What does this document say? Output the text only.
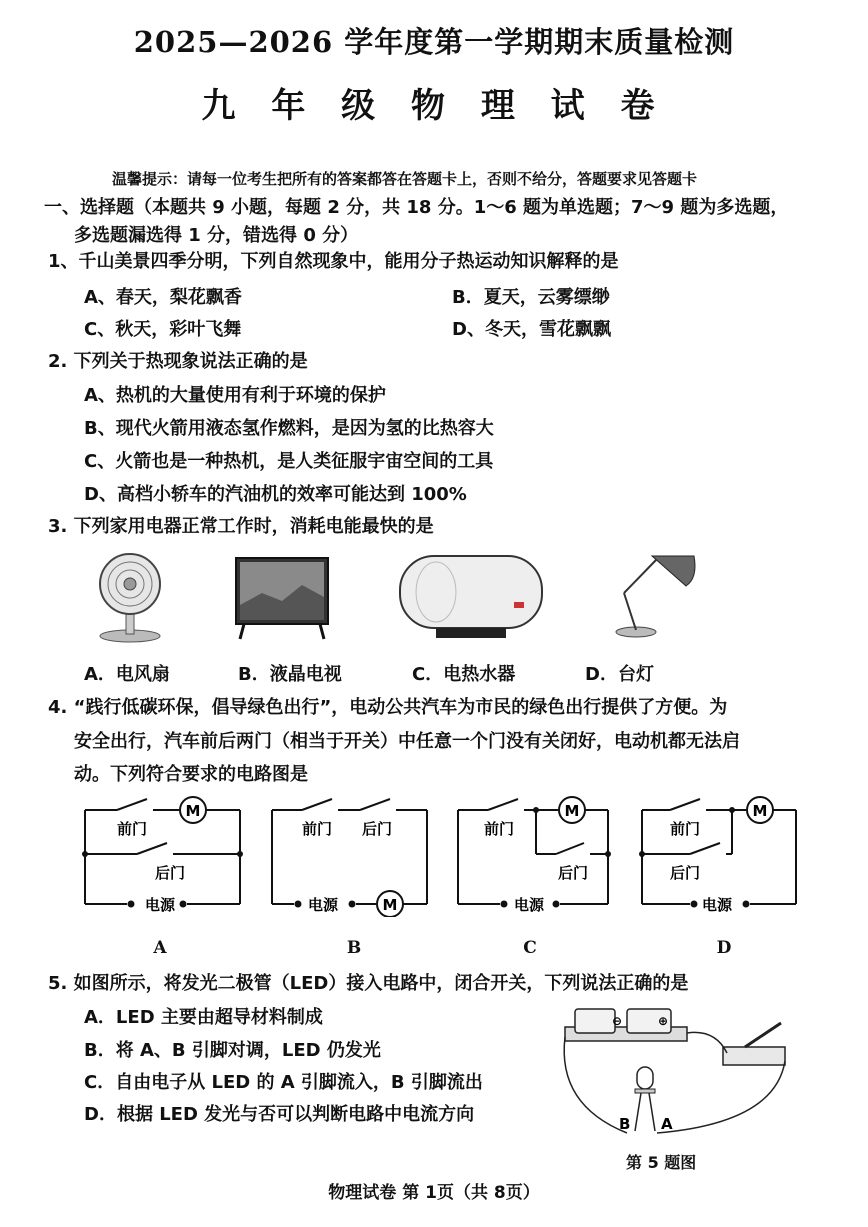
2025—2026 学年度第一学期期末质量检测
九 年 级 物 理 试 卷
温馨提示：请每一位考生把所有的答案都答在答题卡上，否则不给分，答题要求见答题卡
一、选择题（本题共 9 小题，每题 2 分，共 18 分。1～6 题为单选题；7～9 题为多选题，
多选题漏选得 1 分，错选得 0 分）
1、千山美景四季分明，下列自然现象中，能用分子热运动知识解释的是
A、春天，梨花飘香	B．夏天，云雾缥缈
C、秋天，彩叶飞舞	D、冬天，雪花飘飘
2. 下列关于热现象说法正确的是
A、热机的大量使用有利于环境的保护
B、现代火箭用液态氢作燃料，是因为氢的比热容大
C、火箭也是一种热机，是人类征服宇宙空间的工具
D、高档小轿车的汽油机的效率可能达到 100%
3. 下列家用电器正常工作时，消耗电能最快的是
A．电风扇	B．液晶电视	C．电热水器	D．台灯
4. “践行低碳环保，倡导绿色出行”，电动公共汽车为市民的绿色出行提供了方便。为
安全出行，汽车前后两门（相当于开关）中任意一个门没有关闭好，电动机都无法启
动。下列符合要求的电路图是
M
前门
后门
电源
前门 后门
电源	M
M
前门
后门
电源
M
前门
后门
电源
A	B	C	D
5. 如图所示，将发光二极管（LED）接入电路中，闭合开关，下列说法正确的是
A．LED 主要由超导材料制成
B．将 A、B 引脚对调，LED 仍发光
C．自由电子从 LED 的 A 引脚流入，B 引脚流出
D．根据 LED 发光与否可以判断电路中电流方向
⊖	⊕
B A
第 5 题图
物理试卷 第 1页（共 8页）
